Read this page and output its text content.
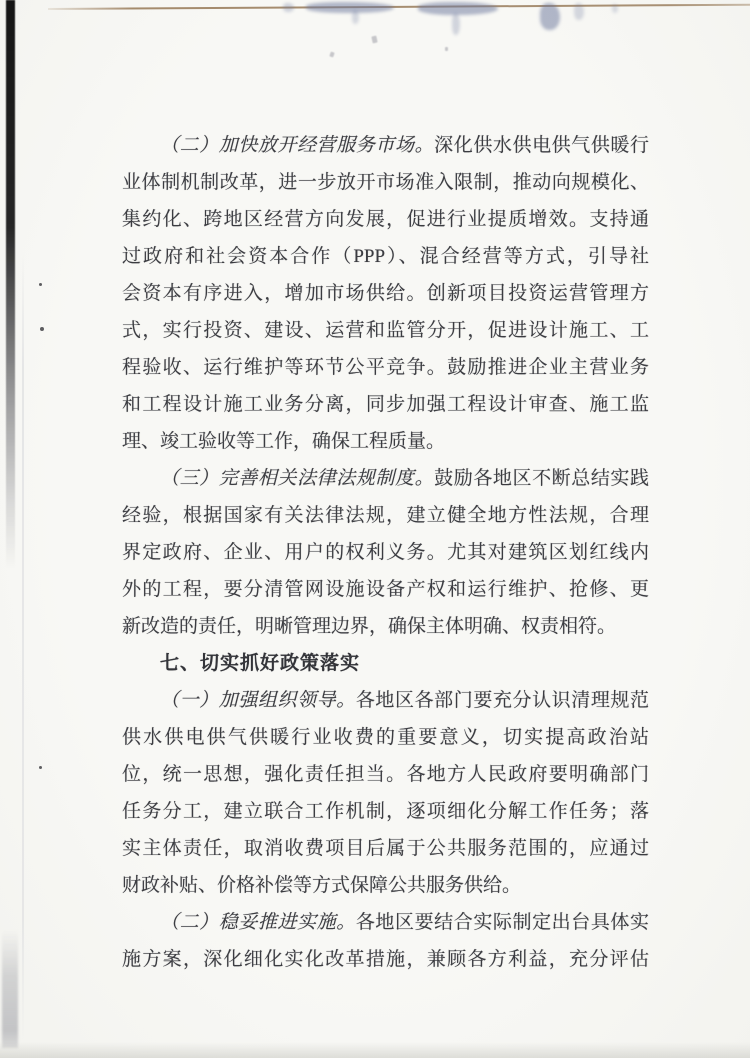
（二）加快放开经营服务市场。深化供水供电供气供暖行
业体制机制改革，进一步放开市场准入限制，推动向规模化、
集约化、跨地区经营方向发展，促进行业提质增效。支持通
过政府和社会资本合作（PPP）、混合经营等方式，引导社
会资本有序进入，增加市场供给。创新项目投资运营管理方
式，实行投资、建设、运营和监管分开，促进设计施工、工
程验收、运行维护等环节公平竞争。鼓励推进企业主营业务
和工程设计施工业务分离，同步加强工程设计审查、施工监
理、竣工验收等工作，确保工程质量。
（三）完善相关法律法规制度。鼓励各地区不断总结实践
经验，根据国家有关法律法规，建立健全地方性法规，合理
界定政府、企业、用户的权利义务。尤其对建筑区划红线内
外的工程，要分清管网设施设备产权和运行维护、抢修、更
新改造的责任，明晰管理边界，确保主体明确、权责相符。
七、切实抓好政策落实
（一）加强组织领导。各地区各部门要充分认识清理规范
供水供电供气供暖行业收费的重要意义，切实提高政治站
位，统一思想，强化责任担当。各地方人民政府要明确部门
任务分工，建立联合工作机制，逐项细化分解工作任务；落
实主体责任，取消收费项目后属于公共服务范围的，应通过
财政补贴、价格补偿等方式保障公共服务供给。
（二）稳妥推进实施。各地区要结合实际制定出台具体实
施方案，深化细化实化改革措施，兼顾各方利益，充分评估
